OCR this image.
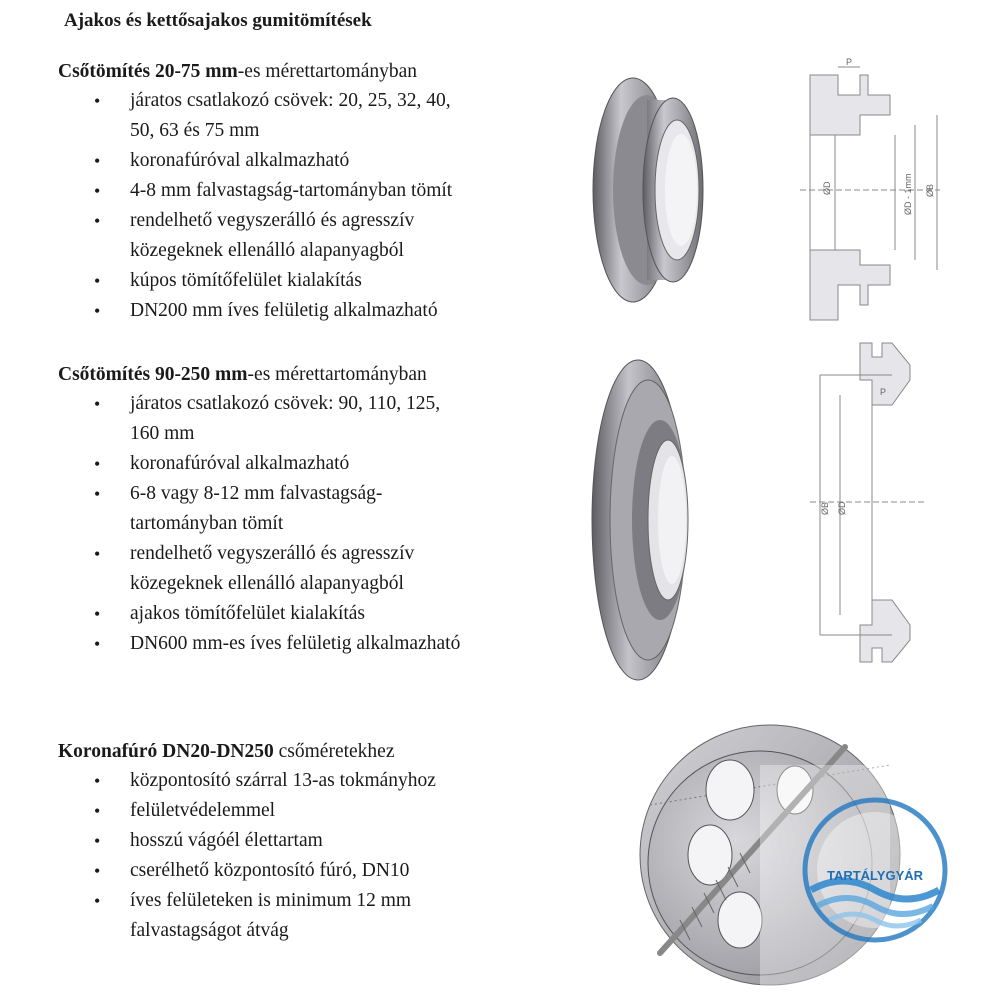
Ajakos és kettősajakos gumitömítések

Csőtömítés 20-75 mm-es mérettartományban

• járatos csatlakozó csövek: 20, 25, 32, 40,
50, 63 és 75 mm
• koronafúróval alkalmazható
• 4-8 mm falvastagság-tartományban tömít
• rendelhető vegyszerálló és agresszív
közegeknek ellenálló alapanyagból
• kúpos tömítőfelület kialakítás
• DN200 mm íves felületig alkalmazható

Csőtömítés 90-250 mm-es mérettartományban

• járatos csatlakozó csövek: 90, 110, 125,
160 mm
• koronafúróval alkalmazható
• 6-8 vagy 8-12 mm falvastagság-
tartományban tömít
• rendelhető vegyszerálló és agresszív
közegeknek ellenálló alapanyagból
• ajakos tömítőfelület kialakítás
• DN600 mm-es íves felületig alkalmazható

Koronafúró DN20-DN250 csőméretekhez

• központosító szárral 13-as tokmányhoz
• felületvédelemmel
• hosszú vágóél élettartam
• cserélhető központosító fúró, DN10
• íves felületeken is minimum 12 mm
falvastagságot átvág
P
ØD	ØD - 1mm ØB
P
ØD
ØB
TARTÁLYGYÁR
